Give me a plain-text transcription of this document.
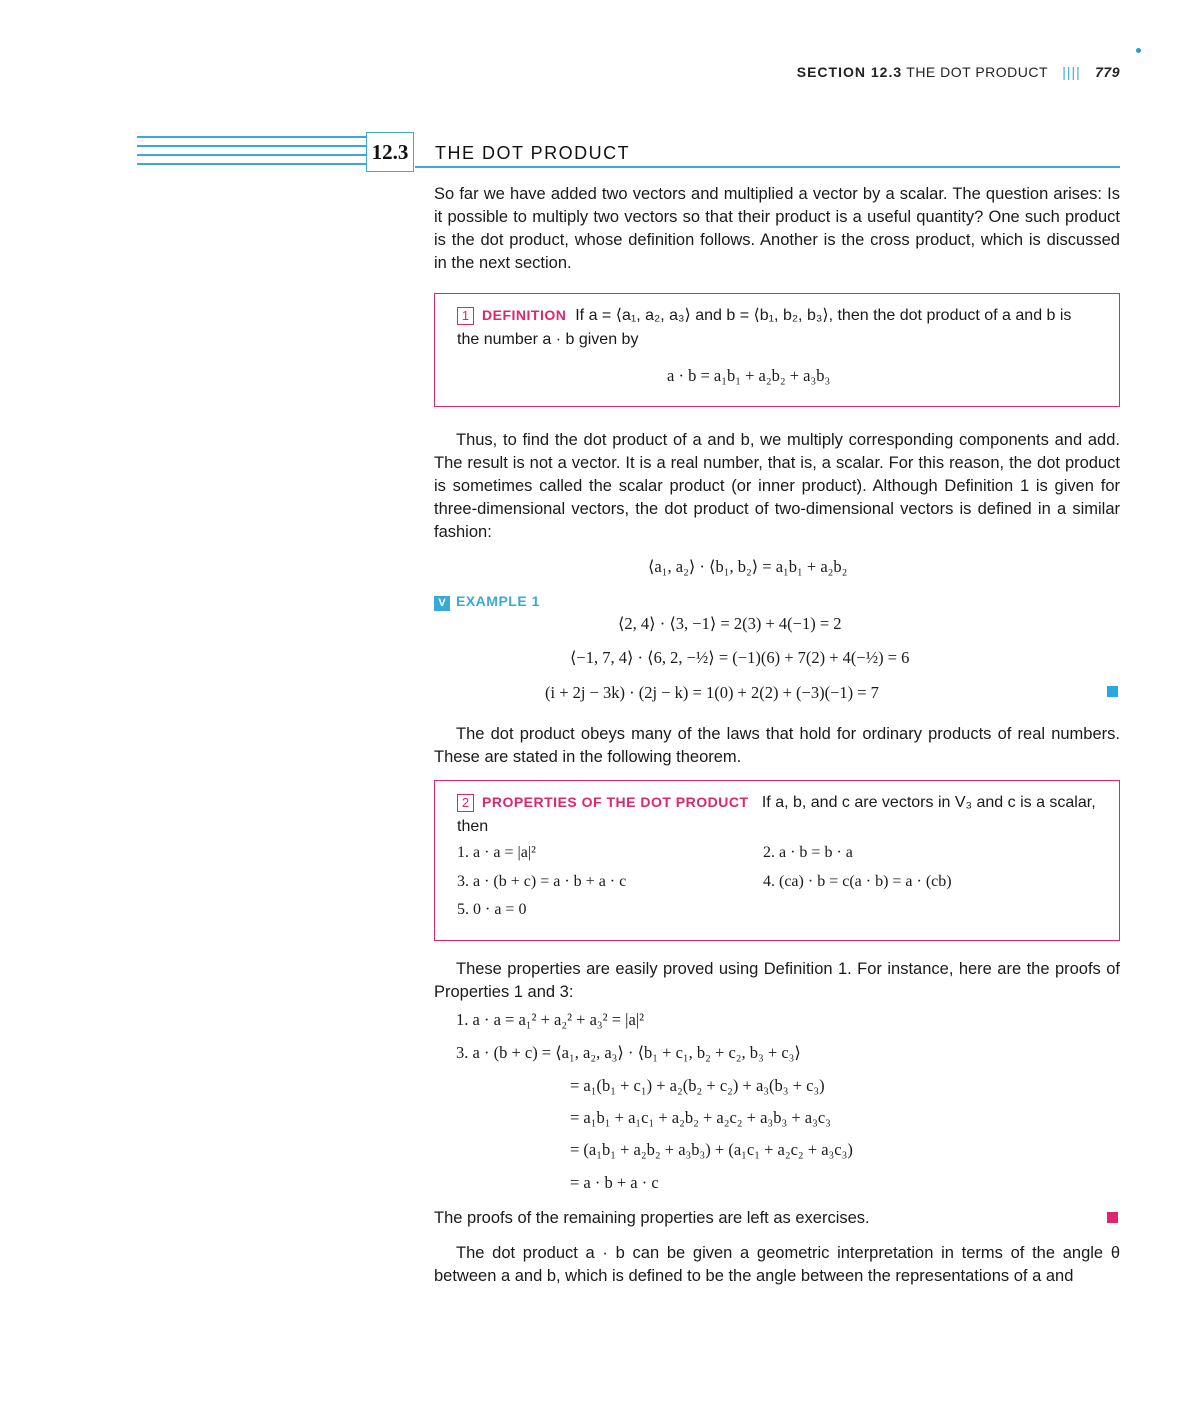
SECTION 12.3 THE DOT PRODUCT |||| 779
12.3	THE DOT PRODUCT

So far we have added two vectors and multiplied a vector by a scalar. The question arises: Is it possible to multiply two vectors so that their product is a useful quantity? One such product is the dot product, whose definition follows. Another is the cross product, which is discussed in the next section.

1 DEFINITION If a = ⟨a₁, a₂, a₃⟩ and b = ⟨b₁, b₂, b₃⟩, then the dot product of a and b is the number a · b given by
a · b = a₁b₁ + a₂b₂ + a₃b₃

Thus, to find the dot product of a and b, we multiply corresponding components and add. The result is not a vector. It is a real number, that is, a scalar. For this reason, the dot product is sometimes called the scalar product (or inner product). Although Definition 1 is given for three-dimensional vectors, the dot product of two-dimensional vectors is defined in a similar fashion:

⟨a₁, a₂⟩ · ⟨b₁, b₂⟩ = a₁b₁ + a₂b₂
V EXAMPLE 1
⟨2, 4⟩ · ⟨3, −1⟩ = 2(3) + 4(−1) = 2
⟨−1, 7, 4⟩ · ⟨6, 2, −½⟩ = (−1)(6) + 7(2) + 4(−½) = 6
(i + 2j − 3k) · (2j − k) = 1(0) + 2(2) + (−3)(−1) = 7

The dot product obeys many of the laws that hold for ordinary products of real numbers. These are stated in the following theorem.

2 PROPERTIES OF THE DOT PRODUCT If a, b, and c are vectors in V₃ and c is a scalar, then
1. a · a = |a|²	2. a · b = b · a
3. a · (b + c) = a · b + a · c	4. (ca) · b = c(a · b) = a · (cb)
5. 0 · a = 0

These properties are easily proved using Definition 1. For instance, here are the proofs of Properties 1 and 3:

1. a · a = a₁² + a₂² + a₃² = |a|²
3. a · (b + c) = ⟨a₁, a₂, a₃⟩ · ⟨b₁ + c₁, b₂ + c₂, b₃ + c₃⟩
= a₁(b₁ + c₁) + a₂(b₂ + c₂) + a₃(b₃ + c₃)
= a₁b₁ + a₁c₁ + a₂b₂ + a₂c₂ + a₃b₃ + a₃c₃
= (a₁b₁ + a₂b₂ + a₃b₃) + (a₁c₁ + a₂c₂ + a₃c₃)
= a · b + a · c

The proofs of the remaining properties are left as exercises.

The dot product a · b can be given a geometric interpretation in terms of the angle θ between a and b, which is defined to be the angle between the representations of a and
